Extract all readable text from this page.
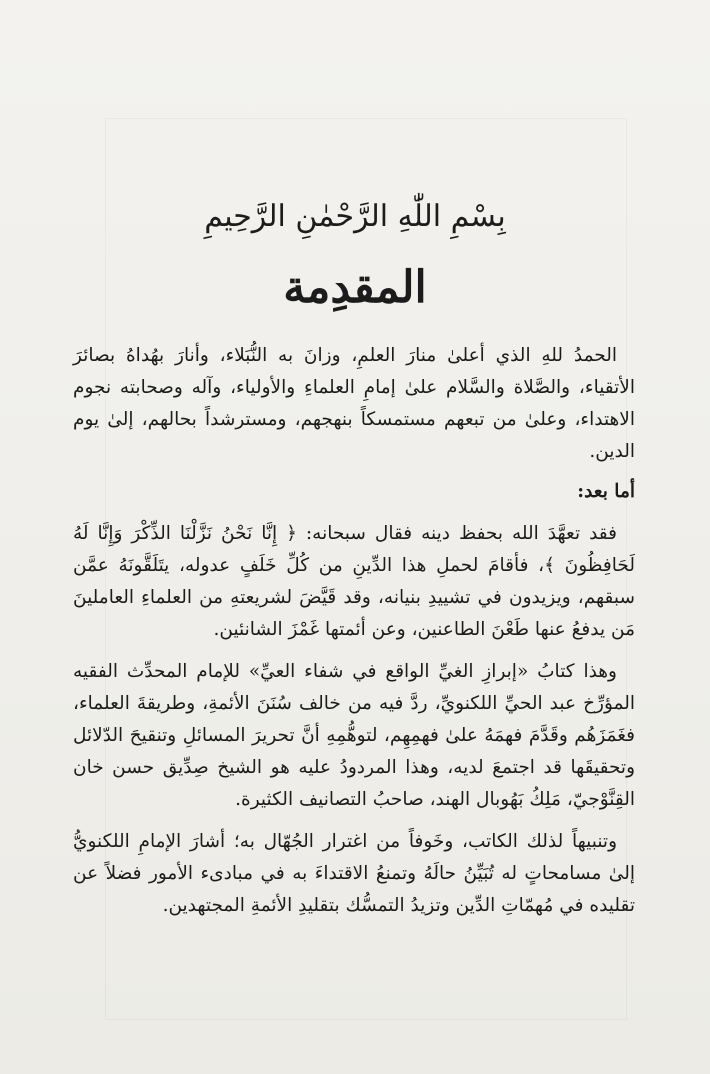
بِسْمِ اللّٰهِ الرَّحْمٰنِ الرَّحِيمِ
المقدِمة

الحمدُ للهِ الذي أعلىٰ منارَ العلمِ، وزانَ به النُّبَلاء، وأنارَ بهُداهُ بصائرَ الأتقياء، والصَّلاة والسَّلام علىٰ إمامِ العلماءِ والأولياء، وآله وصحابته نجوم الاهتداء، وعلىٰ من تبعهم مستمسكاً بنهجهم، ومسترشداً بحالهم، إلىٰ يوم الدين.

أما بعد:

فقد تعهَّدَ الله بحفظ دينه فقال سبحانه: ﴿ إِنَّا نَحْنُ نَزَّلْنَا الذِّكْرَ وَإِنَّا لَهُ لَحَافِظُونَ ﴾، فأقامَ لحملِ هذا الدِّينِ من كُلِّ خَلَفٍ عدوله، يتَلَقَّونَهُ عمَّن سبقهم، ويزيدون في تشييدِ بنيانه، وقد قَيَّضَ لشريعتهِ من العلماءِ العاملينَ مَن يدفعُ عنها طَعْنَ الطاعنين، وعن أئمتها غَمْزَ الشانئين.

وهذا كتابُ «إبرازِ الغيِّ الواقع في شفاء العيِّ» للإمام المحدِّث الفقيه المؤرِّخ عبد الحيِّ اللكنويِّ، ردَّ فيه من خالف سُنَنَ الأئمةِ، وطريقةَ العلماء، فغَمَزَهُم وقَدَّمَ فهمَهُ علىٰ فهمِهِم، لتوهُّمِهِ أنَّ تحريرَ المسائلِ وتنقيحَ الدّلائل وتحقيقَها قد اجتمعَ لديه، وهذا المردودُ عليه هو الشيخ صِدِّيق حسن خان القِنَّوْجيّ، مَلِكُ بَهُوبال الهند، صاحبُ التصانيف الكثيرة.

وتنبيهاً لذلك الكاتب، وخَوفاً من اغترار الجُهّال به؛ أشارَ الإمامِ اللكنويُّ إلىٰ مسامحاتٍ له تُبَيِّنُ حالَهُ وتمنعُ الاقتداءَ به في مبادىء الأمور فضلاً عن تقليده في مُهمّاتِ الدِّين وتزيدُ التمسُّك بتقليدِ الأئمةِ المجتهدين.
